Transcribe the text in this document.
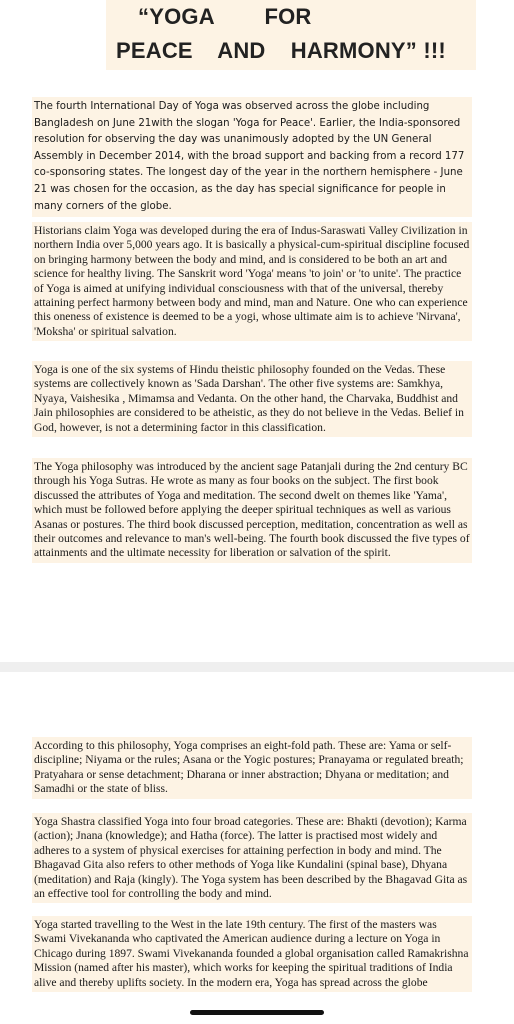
“YOGA        FOR
PEACE    AND    HARMONY” !!!

The fourth International Day of Yoga was observed across the globe including Bangladesh on June 21with the slogan 'Yoga for Peace'. Earlier, the India-sponsored resolution for observing the day was unanimously adopted by the UN General Assembly in December 2014, with the broad support and backing from a record 177 co-sponsoring states. The longest day of the year in the northern hemisphere - June 21 was chosen for the occasion, as the day has special significance for people in many corners of the globe.

Historians claim Yoga was developed during the era of Indus-Saraswati Valley Civilization in northern India over 5,000 years ago. It is basically a physical-cum-spiritual discipline focused on bringing harmony between the body and mind, and is considered to be both an art and science for healthy living. The Sanskrit word 'Yoga' means 'to join' or 'to unite'. The practice of Yoga is aimed at unifying individual consciousness with that of the universal, thereby attaining perfect harmony between body and mind, man and Nature. One who can experience this oneness of existence is deemed to be a yogi, whose ultimate aim is to achieve 'Nirvana', 'Moksha' or spiritual salvation.

Yoga is one of the six systems of Hindu theistic philosophy founded on the Vedas. These systems are collectively known as 'Sada Darshan'. The other five systems are: Samkhya, Nyaya, Vaishesika , Mimamsa and Vedanta. On the other hand, the Charvaka, Buddhist and Jain philosophies are considered to be atheistic, as they do not believe in the Vedas. Belief in God, however, is not a determining factor in this classification.

The Yoga philosophy was introduced by the ancient sage Patanjali during the 2nd century BC through his Yoga Sutras. He wrote as many as four books on the subject. The first book discussed the attributes of Yoga and meditation. The second dwelt on themes like 'Yama', which must be followed before applying the deeper spiritual techniques as well as various Asanas or postures. The third book discussed perception, meditation, concentration as well as their outcomes and relevance to man's well-being. The fourth book discussed the five types of attainments and the ultimate necessity for liberation or salvation of the spirit.

According to this philosophy, Yoga comprises an eight-fold path. These are: Yama or self-discipline; Niyama or the rules; Asana or the Yogic postures; Pranayama or regulated breath; Pratyahara or sense detachment; Dharana or inner abstraction; Dhyana or meditation; and Samadhi or the state of bliss.

Yoga Shastra classified Yoga into four broad categories. These are: Bhakti (devotion); Karma (action); Jnana (knowledge); and Hatha (force). The latter is practised most widely and adheres to a system of physical exercises for attaining perfection in body and mind. The Bhagavad Gita also refers to other methods of Yoga like Kundalini (spinal base), Dhyana (meditation) and Raja (kingly). The Yoga system has been described by the Bhagavad Gita as an effective tool for controlling the body and mind.

Yoga started travelling to the West in the late 19th century. The first of the masters was Swami Vivekananda who captivated the American audience during a lecture on Yoga in Chicago during 1897. Swami Vivekananda founded a global organisation called Ramakrishna Mission (named after his master), which works for keeping the spiritual traditions of India alive and thereby uplifts society. In the modern era, Yoga has spread across the globe
